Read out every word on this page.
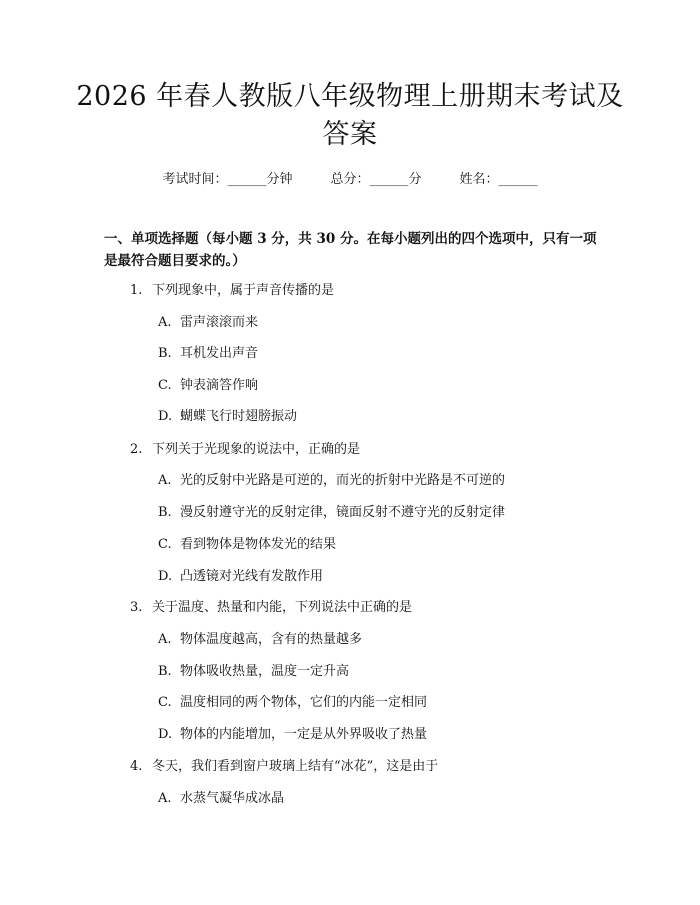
2026 年春人教版八年级物理上册期末考试及答案
考试时间：______分钟	总分：______分	姓名：______
一、单项选择题（每小题 3 分，共 30 分。在每小题列出的四个选项中，只有一项是最符合题目要求的。）
1. 下列现象中，属于声音传播的是
A. 雷声滚滚而来
B. 耳机发出声音
C. 钟表滴答作响
D. 蝴蝶飞行时翅膀振动
2. 下列关于光现象的说法中，正确的是
A. 光的反射中光路是可逆的，而光的折射中光路是不可逆的
B. 漫反射遵守光的反射定律，镜面反射不遵守光的反射定律
C. 看到物体是物体发光的结果
D. 凸透镜对光线有发散作用
3. 关于温度、热量和内能，下列说法中正确的是
A. 物体温度越高，含有的热量越多
B. 物体吸收热量，温度一定升高
C. 温度相同的两个物体，它们的内能一定相同
D. 物体的内能增加，一定是从外界吸收了热量
4. 冬天，我们看到窗户玻璃上结有“冰花”，这是由于
A. 水蒸气凝华成冰晶
